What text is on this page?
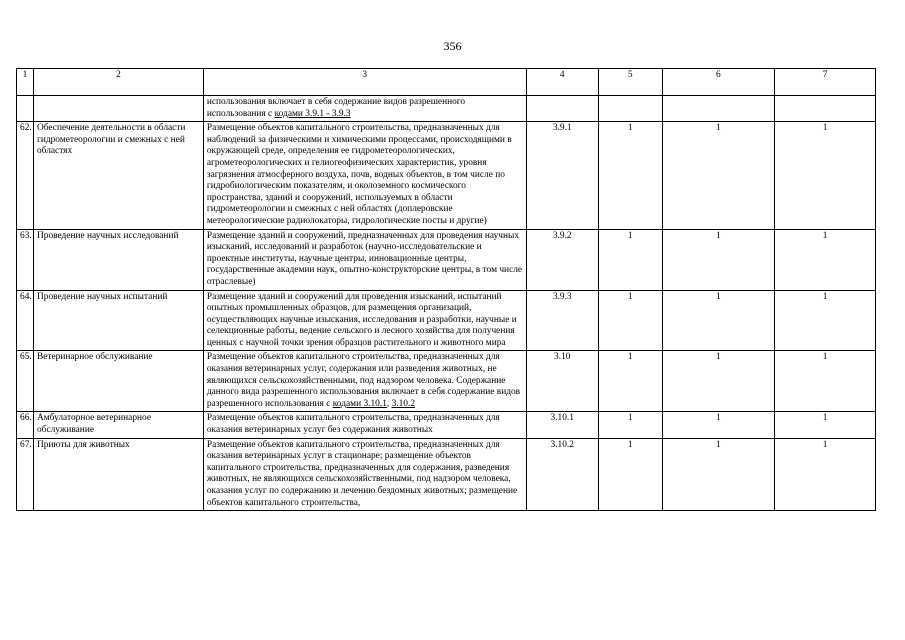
356
1	2	3	4	5	6	7
		использования включает в себя содержание видов разрешенного использования с кодами 3.9.1 - 3.9.3				
62.	Обеспечение деятельности в области гидрометеорологии и смежных с ней областях	Размещение объектов капитального строительства, предназначенных для наблюдений за физическими и химическими процессами, происходящими в окружающей среде, определения ее гидрометеорологических, агрометеорологических и гелиогеофизических характеристик, уровня загрязнения атмосферного воздуха, почв, водных объектов, в том числе по гидробиологическим показателям, и околоземного космического пространства, зданий и сооружений, используемых в области гидрометеорологии и смежных с ней областях (доплеровские метеорологические радиолокаторы, гидрологические посты и другие)	3.9.1	1	1	1
63.	Проведение научных исследований	Размещение зданий и сооружений, предназначенных для проведения научных изысканий, исследований и разработок (научно-исследовательские и проектные институты, научные центры, инновационные центры, государственные академии наук, опытно-конструкторские центры, в том числе отраслевые)	3.9.2	1	1	1
64.	Проведение научных испытаний	Размещение зданий и сооружений для проведения изысканий, испытаний опытных промышленных образцов, для размещения организаций, осуществляющих научные изыскания, исследования и разработки, научные и селекционные работы, ведение сельского и лесного хозяйства для получения ценных с научной точки зрения образцов растительного и животного мира	3.9.3	1	1	1
65.	Ветеринарное обслуживание	Размещение объектов капитального строительства, предназначенных для оказания ветеринарных услуг, содержания или разведения животных, не являющихся сельскохозяйственными, под надзором человека. Содержание данного вида разрешенного использования включает в себя содержание видов разрешенного использования с кодами 3.10.1, 3.10.2	3.10	1	1	1
66.	Амбулаторное ветеринарное обслуживание	Размещение объектов капитального строительства, предназначенных для оказания ветеринарных услуг без содержания животных	3.10.1	1	1	1
67.	Приюты для животных	Размещение объектов капитального строительства, предназначенных для оказания ветеринарных услуг в стационаре; размещение объектов капитального строительства, предназначенных для содержания, разведения животных, не являющихся сельскохозяйственными, под надзором человека, оказания услуг по содержанию и лечению бездомных животных; размещение объектов капитального строительства,	3.10.2	1	1	1
